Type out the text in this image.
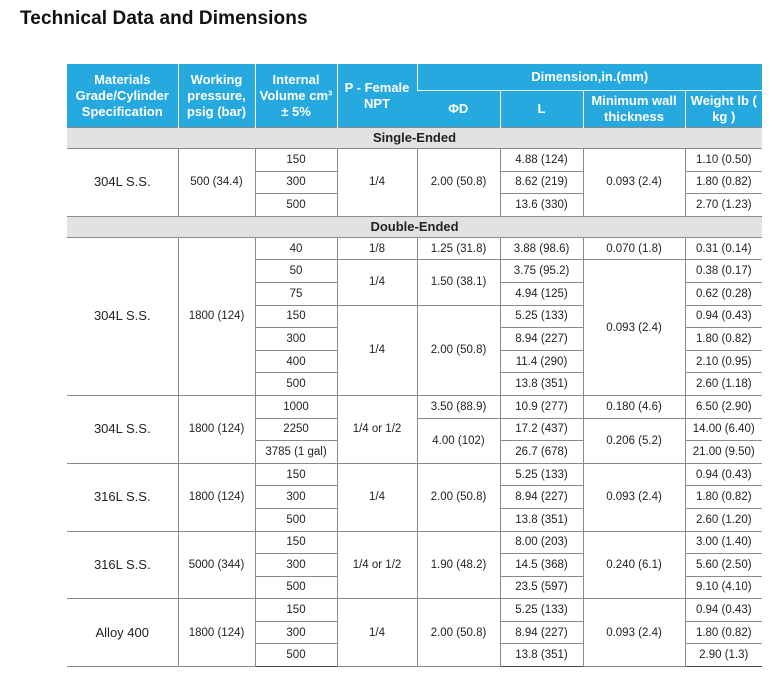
Technical Data and Dimensions
Materials Grade/Cylinder Specification	Working pressure, psig (bar)	Internal Volume cm³ ± 5%	P - Female NPT	Dimension,in.(mm)			
				ΦD	L	Minimum wall thickness	Weight lb ( kg )
Single-Ended							
304L S.S.	500 (34.4)	150	1/4	2.00 (50.8)	4.88 (124)	0.093 (2.4)	1.10 (0.50)
		300			8.62 (219)		1.80 (0.82)
		500			13.6 (330)		2.70 (1.23)
Double-Ended							
304L S.S.	1800 (124)	40	1/8	1.25 (31.8)	3.88 (98.6)	0.070 (1.8)	0.31 (0.14)
		50	1/4	1.50 (38.1)	3.75 (95.2)	0.093 (2.4)	0.38 (0.17)
		75			4.94 (125)		0.62 (0.28)
		150	1/4	2.00 (50.8)	5.25 (133)		0.94 (0.43)
		300			8.94 (227)		1.80 (0.82)
		400			11.4 (290)		2.10 (0.95)
		500			13.8 (351)		2.60 (1.18)
304L S.S.	1800 (124)	1000	1/4 or 1/2	3.50 (88.9)	10.9 (277)	0.180 (4.6)	6.50 (2.90)
		2250		4.00 (102)	17.2 (437)	0.206 (5.2)	14.00 (6.40)
		3785 (1 gal)			26.7 (678)		21.00 (9.50)
316L S.S.	1800 (124)	150	1/4	2.00 (50.8)	5.25 (133)	0.093 (2.4)	0.94 (0.43)
		300			8.94 (227)		1.80 (0.82)
		500			13.8 (351)		2.60 (1.20)
316L S.S.	5000 (344)	150	1/4 or 1/2	1.90 (48.2)	8.00 (203)	0.240 (6.1)	3.00 (1.40)
		300			14.5 (368)		5.60 (2.50)
		500			23.5 (597)		9.10 (4.10)
Alloy 400	1800 (124)	150	1/4	2.00 (50.8)	5.25 (133)	0.093 (2.4)	0.94 (0.43)
		300			8.94 (227)		1.80 (0.82)
		500			13.8 (351)		2.90 (1.3)
